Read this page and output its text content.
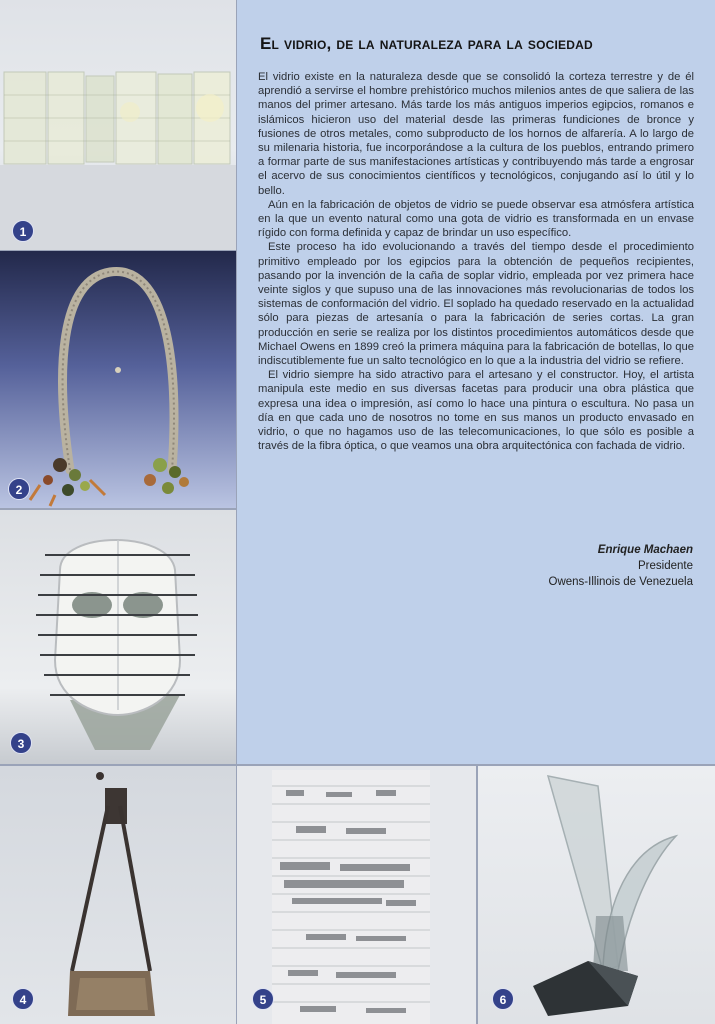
1
2
3
El vidrio, de la naturaleza para la sociedad

El vidrio existe en la naturaleza desde que se consolidó la corteza terrestre y de él aprendió a servirse el hombre prehistórico muchos milenios antes de que saliera de las manos del primer artesano. Más tarde los más antiguos imperios egipcios, romanos e islámicos hicieron uso del material desde las primeras fundiciones de bronce y fusiones de otros metales, como subproducto de los hornos de alfarería. A lo largo de su milenaria historia, fue incorporándose a la cultura de los pueblos, entrando primero a formar parte de sus manifestaciones artísticas y contribuyendo más tarde a engrosar el acervo de sus conocimientos científicos y tecnológicos, conjugando así lo útil y lo bello.

Aún en la fabricación de objetos de vidrio se puede observar esa atmósfera artística en la que un evento natural como una gota de vidrio es transformada en un envase rígido con forma definida y capaz de brindar un uso específico.

Este proceso ha ido evolucionando a través del tiempo desde el procedimiento primitivo empleado por los egipcios para la obtención de pequeños recipientes, pasando por la invención de la caña de soplar vidrio, empleada por vez primera hace veinte siglos y que supuso una de las innovaciones más revolucionarias de todos los sistemas de conformación del vidrio. El soplado ha quedado reservado en la actualidad sólo para piezas de artesanía o para la fabricación de series cortas. La gran producción en serie se realiza por los distintos procedimientos automáticos desde que Michael Owens en 1899 creó la primera máquina para la fabricación de botellas, lo que indiscutiblemente fue un salto tecnológico en lo que a la industria del vidrio se refiere.

El vidrio siempre ha sido atractivo para el artesano y el constructor. Hoy, el artista manipula este medio en sus diversas facetas para producir una obra plástica que expresa una idea o impresión, así como lo hace una pintura o escultura. No pasa un día en que cada uno de nosotros no tome en sus manos un producto envasado en vidrio, o que no hagamos uso de las telecomunicaciones, lo que sólo es posible a través de la fibra óptica, o que veamos una obra arquitectónica con fachada de vidrio.

Enrique Machaen
Presidente
Owens-Illinois de Venezuela
4	5	6
